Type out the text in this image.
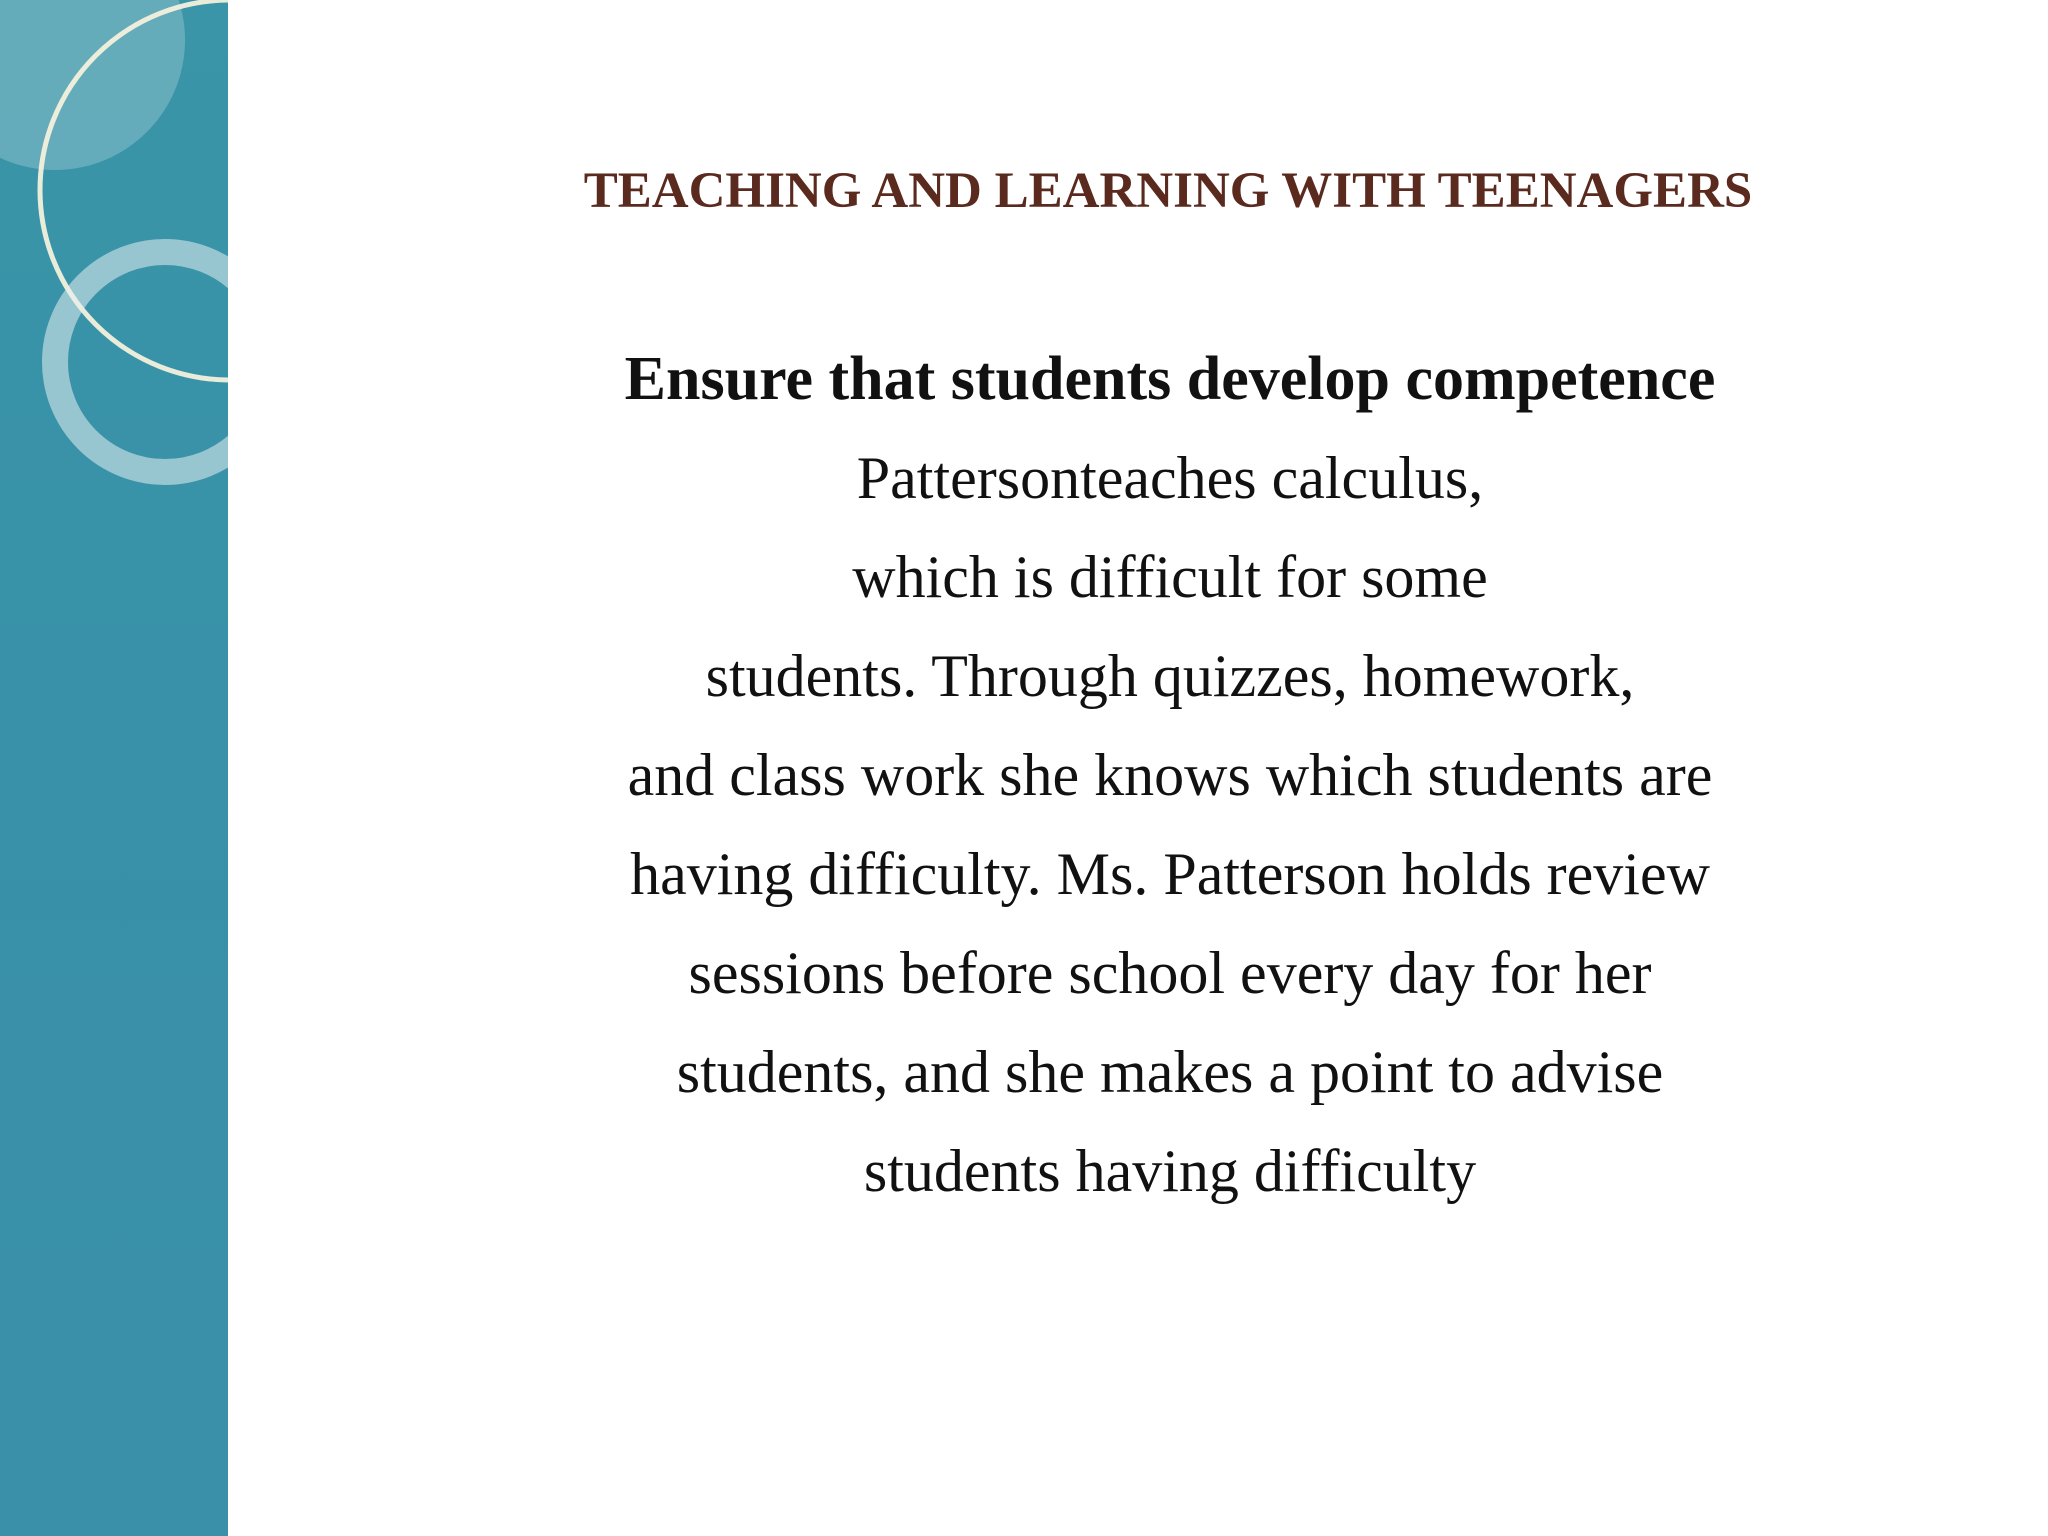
TEACHING AND LEARNING WITH TEENAGERS
Ensure that students develop competence
Pattersonteaches calculus,
which is difficult for some
students. Through quizzes, homework,
and class work she knows which students are
having difficulty. Ms. Patterson holds review
sessions before school every day for her
students, and she makes a point to advise
students having difficulty
